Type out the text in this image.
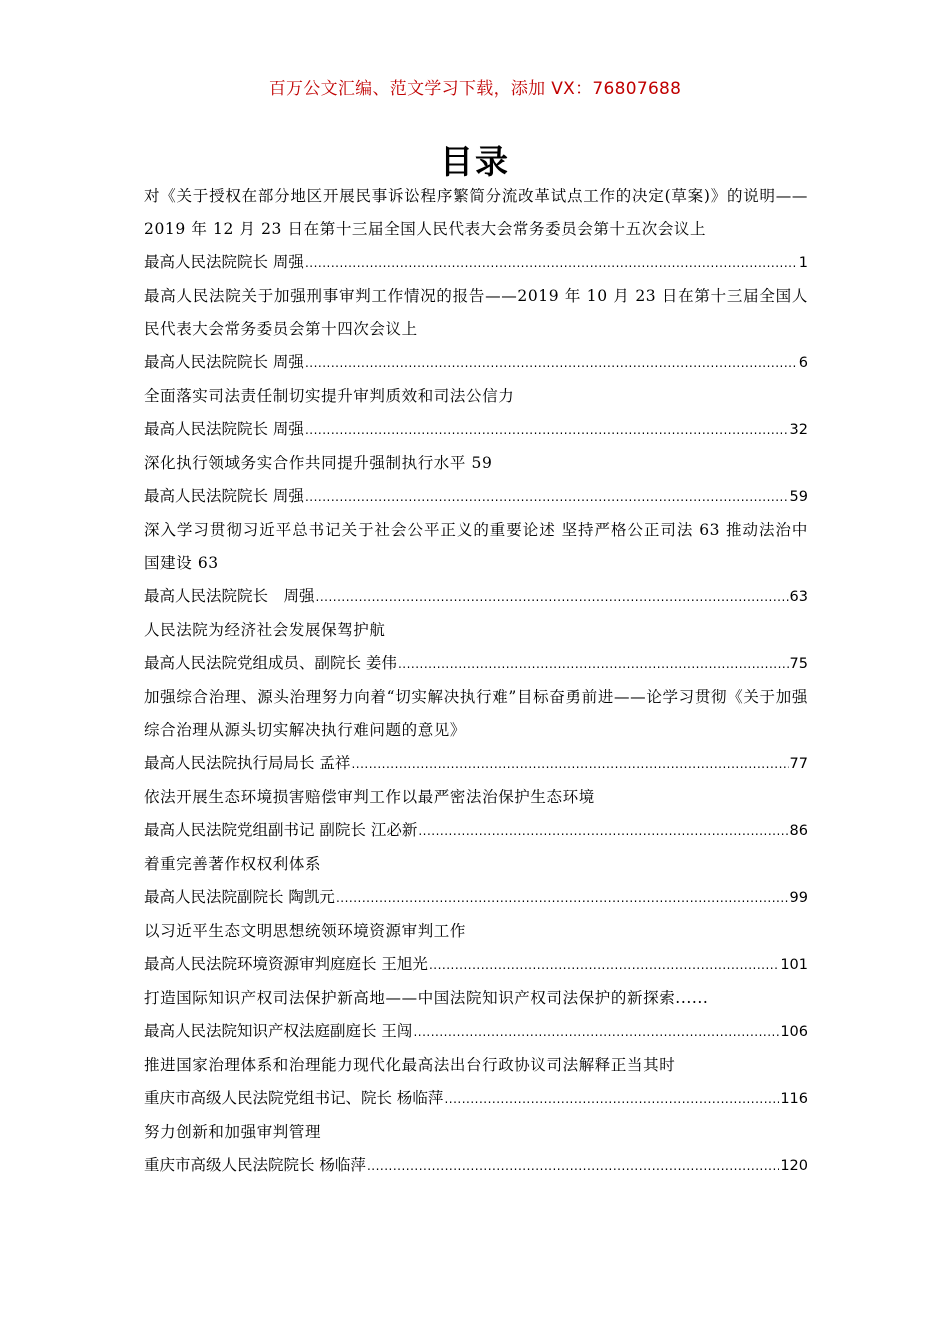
百万公文汇编、范文学习下载，添加 VX：76807688
目录
对《关于授权在部分地区开展民事诉讼程序繁简分流改革试点工作的决定(草案)》的说明——2019 年 12 月 23 日在第十三届全国人民代表大会常务委员会第十五次会议上
最高人民法院院长 周强 .....	1
最高人民法院关于加强刑事审判工作情况的报告——2019 年 10 月 23 日在第十三届全国人民代表大会常务委员会第十四次会议上
最高人民法院院长 周强 .....	6
全面落实司法责任制切实提升审判质效和司法公信力
最高人民法院院长 周强 .....	32
深化执行领域务实合作共同提升强制执行水平 59
最高人民法院院长 周强 .....	59
深入学习贯彻习近平总书记关于社会公平正义的重要论述 坚持严格公正司法 63 推动法治中国建设 63
最高人民法院院长　周强 .....	63
人民法院为经济社会发展保驾护航
最高人民法院党组成员、副院长 姜伟 .....	75
加强综合治理、源头治理努力向着“切实解决执行难”目标奋勇前进——论学习贯彻《关于加强综合治理从源头切实解决执行难问题的意见》
最高人民法院执行局局长 孟祥 .....	77
依法开展生态环境损害赔偿审判工作以最严密法治保护生态环境
最高人民法院党组副书记 副院长 江必新 .....	86
着重完善著作权权利体系
最高人民法院副院长 陶凯元 .....	99
以习近平生态文明思想统领环境资源审判工作
最高人民法院环境资源审判庭庭长 王旭光 .....	101
打造国际知识产权司法保护新高地——中国法院知识产权司法保护的新探索......
最高人民法院知识产权法庭副庭长 王闯 .....	106
推进国家治理体系和治理能力现代化最高法出台行政协议司法解释正当其时
重庆市高级人民法院党组书记、院长 杨临萍 .....	116
努力创新和加强审判管理
重庆市高级人民法院院长 杨临萍 .....	120
